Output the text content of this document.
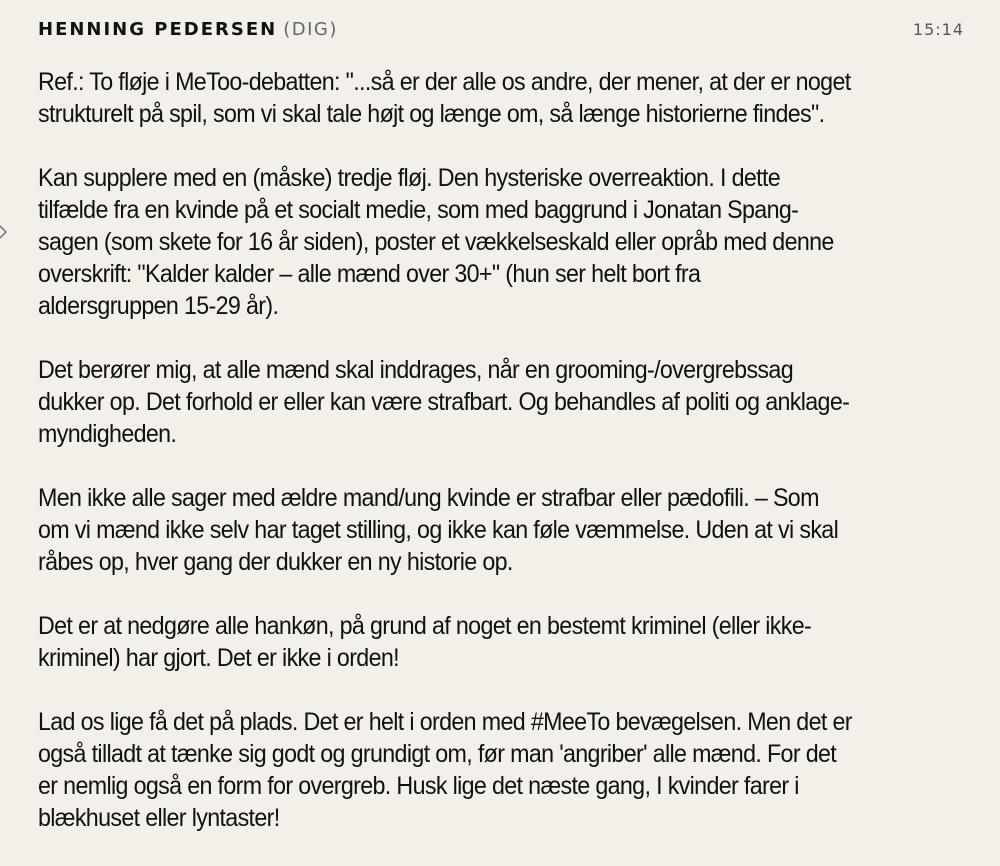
HENNING PEDERSEN (DIG)	15:14
Ref.: To fløje i MeToo-debatten: "...så er der alle os andre, der mener, at der er noget
strukturelt på spil, som vi skal tale højt og længe om, så længe historierne findes".
Kan supplere med en (måske) tredje fløj. Den hysteriske overreaktion. I dette
tilfælde fra en kvinde på et socialt medie, som med baggrund i Jonatan Spang-
sagen (som skete for 16 år siden), poster et vækkelseskald eller opråb med denne
overskrift: "Kalder kalder – alle mænd over 30+" (hun ser helt bort fra
aldersgruppen 15-29 år).
Det berører mig, at alle mænd skal inddrages, når en grooming-/overgrebssag
dukker op. Det forhold er eller kan være strafbart. Og behandles af politi og anklage-
myndigheden.
Men ikke alle sager med ældre mand/ung kvinde er strafbar eller pædofili. – Som
om vi mænd ikke selv har taget stilling, og ikke kan føle væmmelse. Uden at vi skal
råbes op, hver gang der dukker en ny historie op.
Det er at nedgøre alle hankøn, på grund af noget en bestemt kriminel (eller ikke-
kriminel) har gjort. Det er ikke i orden!
Lad os lige få det på plads. Det er helt i orden med #MeeTo bevægelsen. Men det er
også tilladt at tænke sig godt og grundigt om, før man 'angriber' alle mænd. For det
er nemlig også en form for overgreb. Husk lige det næste gang, I kvinder farer i
blækhuset eller lyntaster!
